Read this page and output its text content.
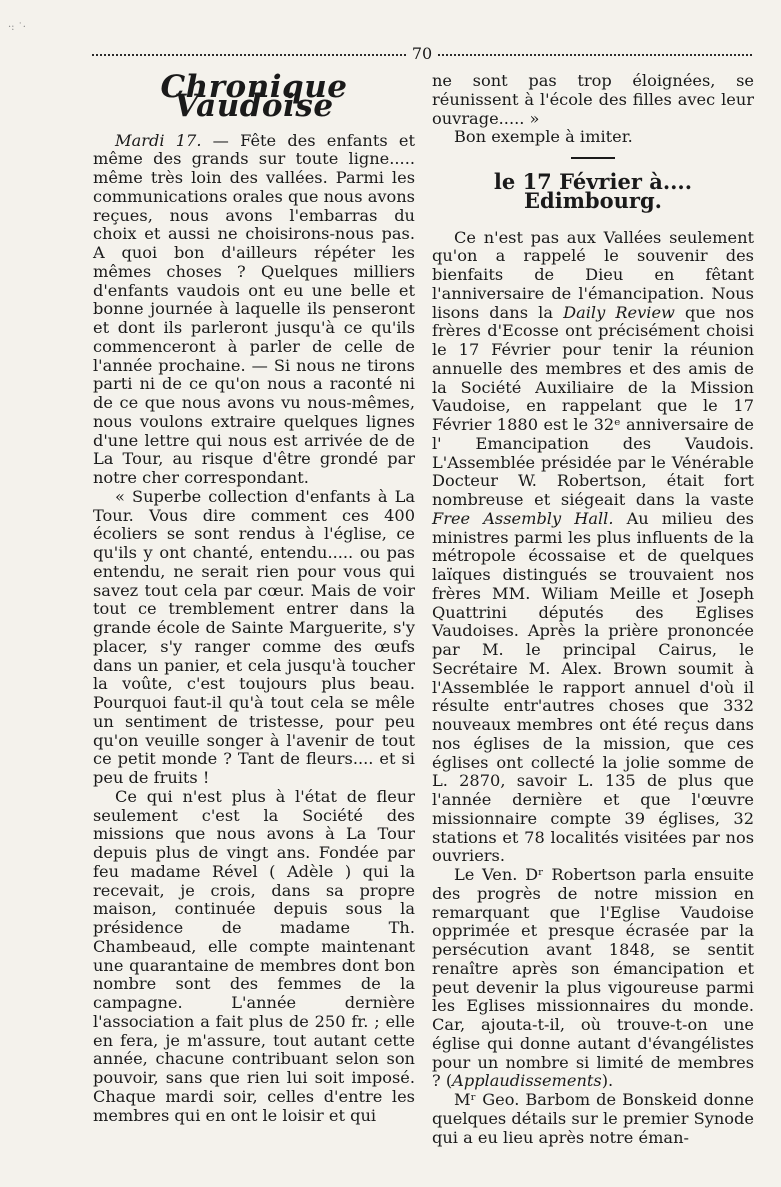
·: ˙·
70
Chronique Vaudoise

Mardi 17. — Fête des enfants et même des grands sur toute ligne..... même très loin des vallées. Parmi les communications orales que nous avons reçues, nous avons l'embarras du choix et aussi ne choisirons-nous pas. A quoi bon d'ailleurs répéter les mêmes choses ? Quelques milliers d'enfants vaudois ont eu une belle et bonne journée à laquelle ils penseront et dont ils parleront jusqu'à ce qu'ils commenceront à parler de celle de l'année prochaine. — Si nous ne tirons parti ni de ce qu'on nous a raconté ni de ce que nous avons vu nous-mêmes, nous voulons extraire quelques lignes d'une lettre qui nous est arrivée de de La Tour, au risque d'être grondé par notre cher correspondant.

« Superbe collection d'enfants à La Tour. Vous dire comment ces 400 écoliers se sont rendus à l'église, ce qu'ils y ont chanté, entendu..... ou pas entendu, ne serait rien pour vous qui savez tout cela par cœur. Mais de voir tout ce tremblement entrer dans la grande école de Sainte Marguerite, s'y placer, s'y ranger comme des œufs dans un panier, et cela jusqu'à toucher la voûte, c'est toujours plus beau. Pourquoi faut-il qu'à tout cela se mêle un sentiment de tristesse, pour peu qu'on veuille songer à l'avenir de tout ce petit monde ? Tant de fleurs.... et si peu de fruits !

Ce qui n'est plus à l'état de fleur seulement c'est la Société des missions que nous avons à La Tour depuis plus de vingt ans. Fondée par feu madame Rével ( Adèle ) qui la recevait, je crois, dans sa propre maison, continuée depuis sous la présidence de madame Th. Chambeaud, elle compte maintenant une quarantaine de membres dont bon nombre sont des femmes de la campagne. L'année dernière l'association a fait plus de 250 fr. ; elle en fera, je m'assure, tout autant cette année, chacune contribuant selon son pouvoir, sans que rien lui soit imposé. Chaque mardi soir, celles d'entre les membres qui en ont le loisir et qui

ne sont pas trop éloignées, se réunissent à l'école des filles avec leur ouvrage..... »

Bon exemple à imiter.

le 17 Février à.... Edimbourg.

Ce n'est pas aux Vallées seulement qu'on a rappelé le souvenir des bienfaits de Dieu en fêtant l'anniversaire de l'émancipation. Nous lisons dans la Daily Review que nos frères d'Ecosse ont précisément choisi le 17 Février pour tenir la réunion annuelle des membres et des amis de la Société Auxiliaire de la Mission Vaudoise, en rappelant que le 17 Février 1880 est le 32ᵉ anniversaire de l' Emancipation des Vaudois. L'Assemblée présidée par le Vénérable Docteur W. Robertson, était fort nombreuse et siégeait dans la vaste Free Assembly Hall. Au milieu des ministres parmi les plus influents de la métropole écossaise et de quelques laïques distingués se trouvaient nos frères MM. Wiliam Meille et Joseph Quattrini députés des Eglises Vaudoises. Après la prière prononcée par M. le principal Cairus, le Secrétaire M. Alex. Brown soumit à l'Assemblée le rapport annuel d'où il résulte entr'autres choses que 332 nouveaux membres ont été reçus dans nos églises de la mission, que ces églises ont collecté la jolie somme de L. 2870, savoir L. 135 de plus que l'année dernière et que l'œuvre missionnaire compte 39 églises, 32 stations et 78 localités visitées par nos ouvriers.

Le Ven. Dʳ Robertson parla ensuite des progrès de notre mission en remarquant que l'Eglise Vaudoise opprimée et presque écrasée par la persécution avant 1848, se sentit renaître après son émancipation et peut devenir la plus vigoureuse parmi les Eglises missionnaires du monde. Car, ajouta-t-il, où trouve-t-on une église qui donne autant d'évangélistes pour un nombre si limité de membres ? (Applaudissements).

Mʳ Geo. Barbom de Bonskeid donne quelques détails sur le premier Synode qui a eu lieu après notre éman-
